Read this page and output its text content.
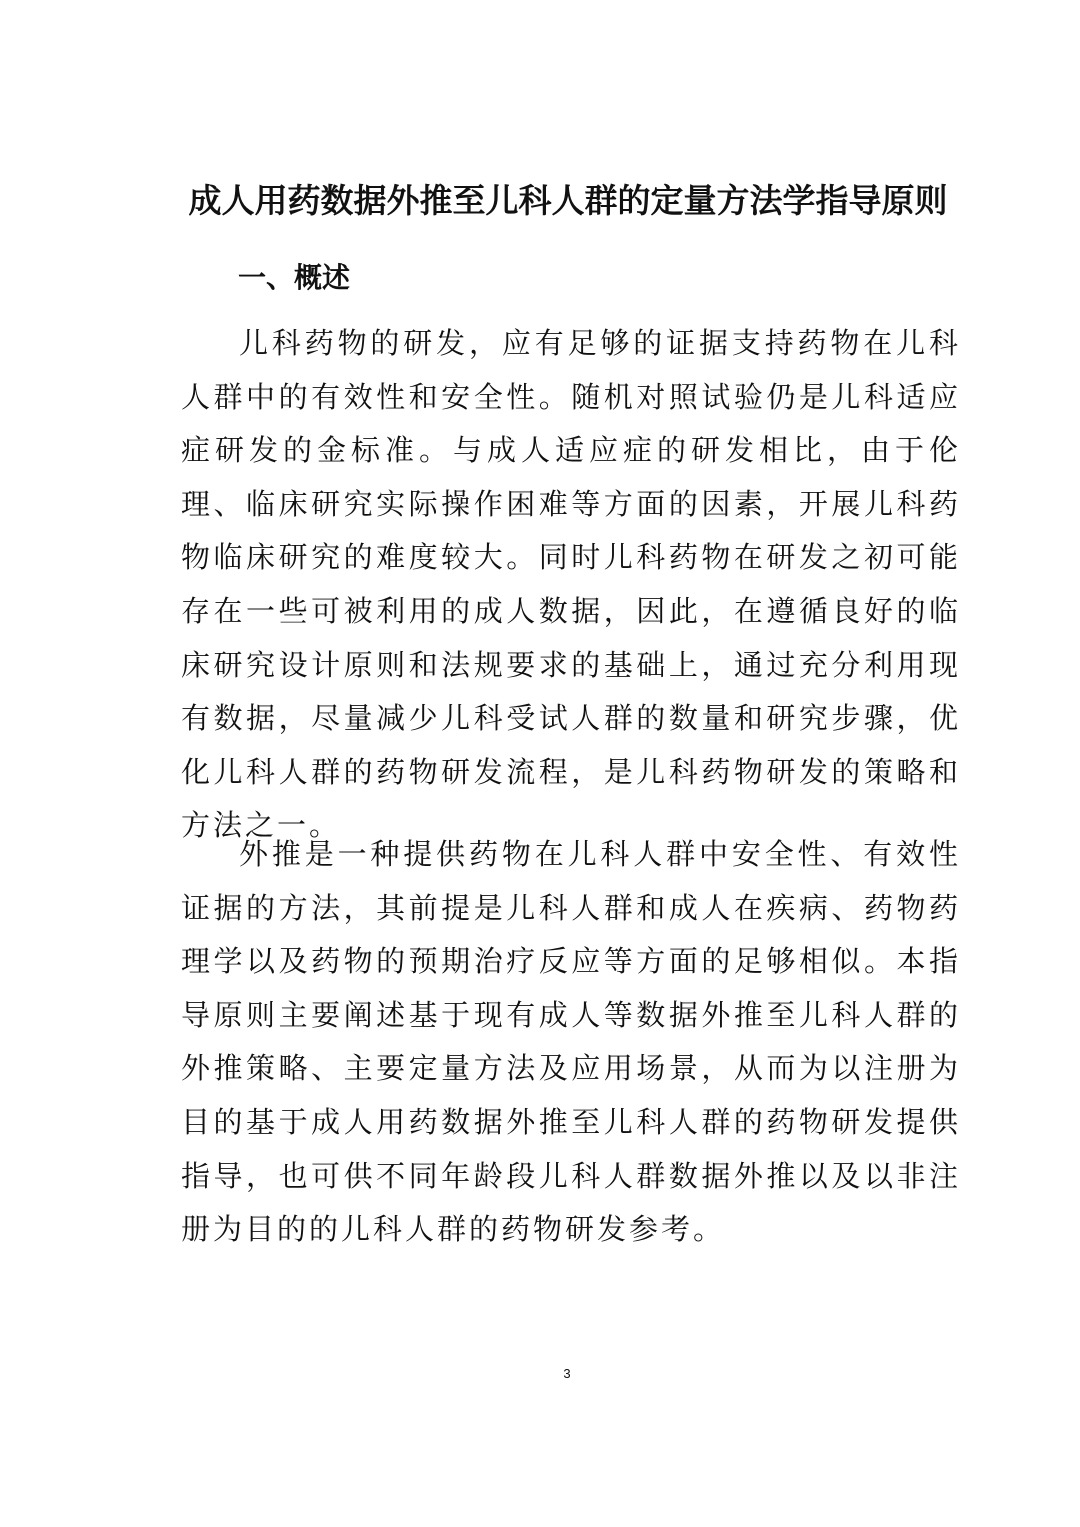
成人用药数据外推至儿科人群的定量方法学指导原则
一、概述

儿科药物的研发，应有足够的证据支持药物在儿科人群中的有效性和安全性。随机对照试验仍是儿科适应症研发的金标准。与成人适应症的研发相比，由于伦理、临床研究实际操作困难等方面的因素，开展儿科药物临床研究的难度较大。同时儿科药物在研发之初可能存在一些可被利用的成人数据，因此，在遵循良好的临床研究设计原则和法规要求的基础上，通过充分利用现有数据，尽量减少儿科受试人群的数量和研究步骤，优化儿科人群的药物研发流程，是儿科药物研发的策略和方法之一。

外推是一种提供药物在儿科人群中安全性、有效性证据的方法，其前提是儿科人群和成人在疾病、药物药理学以及药物的预期治疗反应等方面的足够相似。本指导原则主要阐述基于现有成人等数据外推至儿科人群的外推策略、主要定量方法及应用场景，从而为以注册为目的基于成人用药数据外推至儿科人群的药物研发提供指导，也可供不同年龄段儿科人群数据外推以及以非注册为目的的儿科人群的药物研发参考。

3
